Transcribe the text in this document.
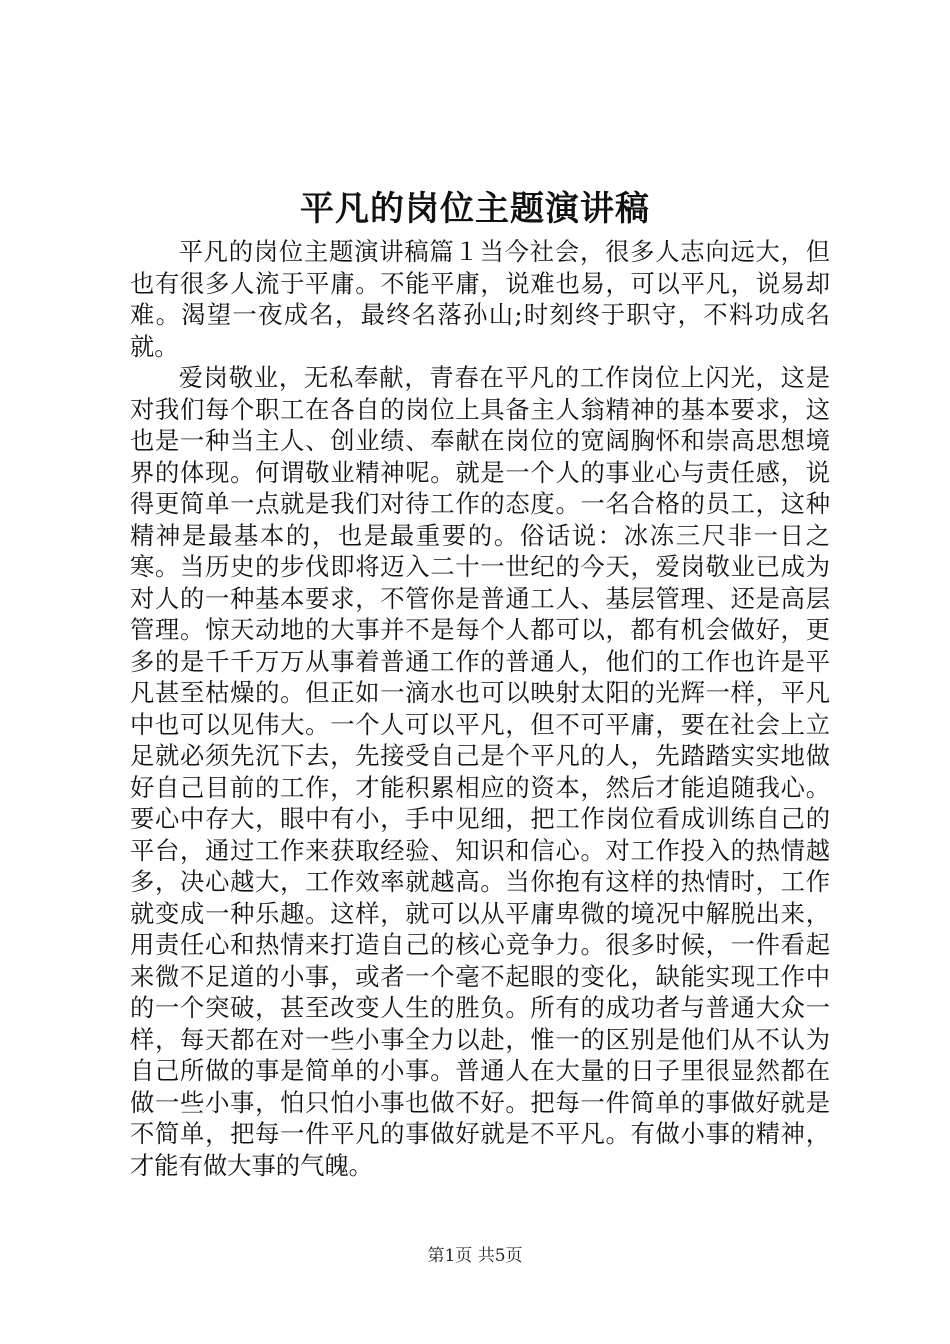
平凡的岗位主题演讲稿

平凡的岗位主题演讲稿篇１当今社会，很多人志向远大，但也有很多人流于平庸。不能平庸，说难也易，可以平凡，说易却难。渴望一夜成名，最终名落孙山;时刻终于职守，不料功成名就。

爱岗敬业，无私奉献，青春在平凡的工作岗位上闪光，这是对我们每个职工在各自的岗位上具备主人翁精神的基本要求，这也是一种当主人、创业绩、奉献在岗位的宽阔胸怀和崇高思想境界的体现。何谓敬业精神呢。就是一个人的事业心与责任感，说得更简单一点就是我们对待工作的态度。一名合格的员工，这种精神是最基本的，也是最重要的。俗话说：冰冻三尺非一日之寒。当历史的步伐即将迈入二十一世纪的今天，爱岗敬业已成为对人的一种基本要求，不管你是普通工人、基层管理、还是高层管理。惊天动地的大事并不是每个人都可以，都有机会做好，更多的是千千万万从事着普通工作的普通人，他们的工作也许是平凡甚至枯燥的。但正如一滴水也可以映射太阳的光辉一样，平凡中也可以见伟大。一个人可以平凡，但不可平庸，要在社会上立足就必须先沉下去，先接受自己是个平凡的人，先踏踏实实地做好自己目前的工作，才能积累相应的资本，然后才能追随我心。要心中存大，眼中有小，手中见细，把工作岗位看成训练自己的平台，通过工作来获取经验、知识和信心。对工作投入的热情越多，决心越大，工作效率就越高。当你抱有这样的热情时，工作就变成一种乐趣。这样，就可以从平庸卑微的境况中解脱出来，用责任心和热情来打造自己的核心竞争力。很多时候，一件看起来微不足道的小事，或者一个毫不起眼的变化，缺能实现工作中的一个突破，甚至改变人生的胜负。所有的成功者与普通大众一样，每天都在对一些小事全力以赴，惟一的区别是他们从不认为自己所做的事是简单的小事。普通人在大量的日子里很显然都在做一些小事，怕只怕小事也做不好。把每一件简单的事做好就是不简单，把每一件平凡的事做好就是不平凡。有做小事的精神，才能有做大事的气魄。

第1页 共5页
